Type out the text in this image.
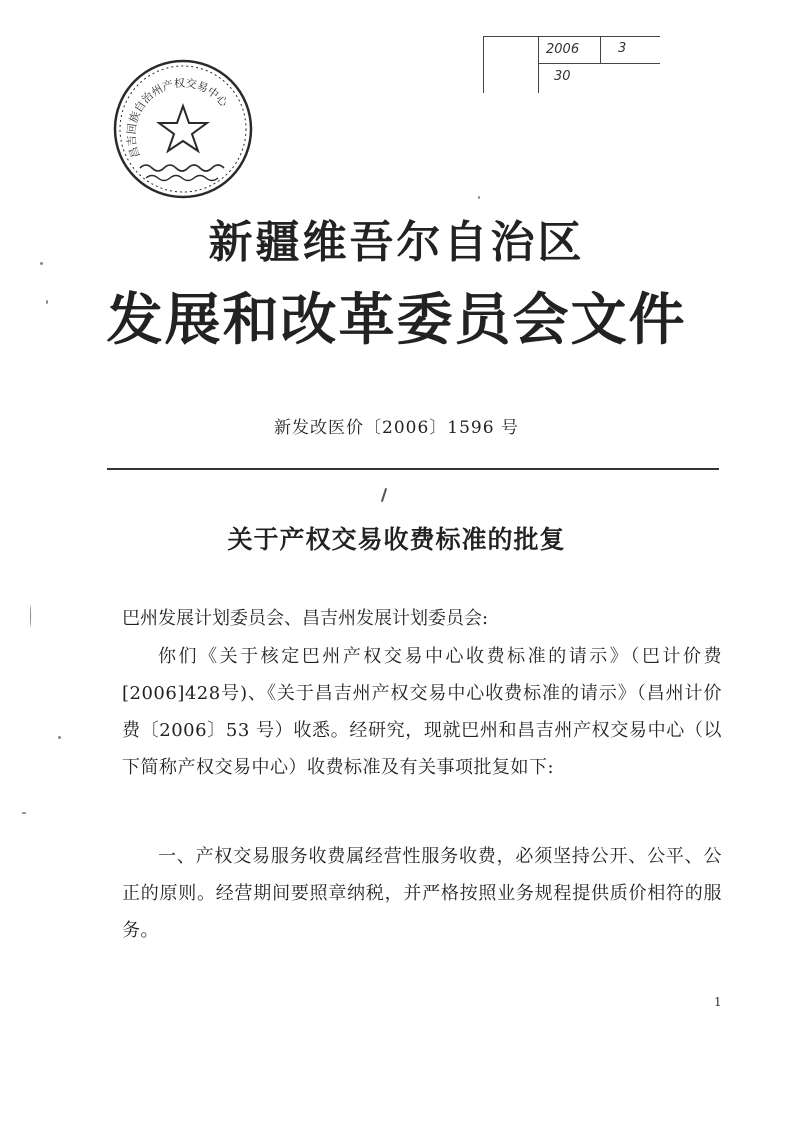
2006	3
30
昌吉回族自治州产权交易中心
新疆维吾尔自治区
发展和改革委员会文件
新发改医价〔2006〕1596 号
关于产权交易收费标准的批复
巴州发展计划委员会、昌吉州发展计划委员会:
你们《关于核定巴州产权交易中心收费标准的请示》（巴计价费[2006]428号)、《关于昌吉州产权交易中心收费标准的请示》（昌州计价费〔2006〕53 号）收悉。经研究，现就巴州和昌吉州产权交易中心（以下简称产权交易中心）收费标准及有关事项批复如下:
一、产权交易服务收费属经营性服务收费，必须坚持公开、公平、公正的原则。经营期间要照章纳税，并严格按照业务规程提供质价相符的服务。
1
